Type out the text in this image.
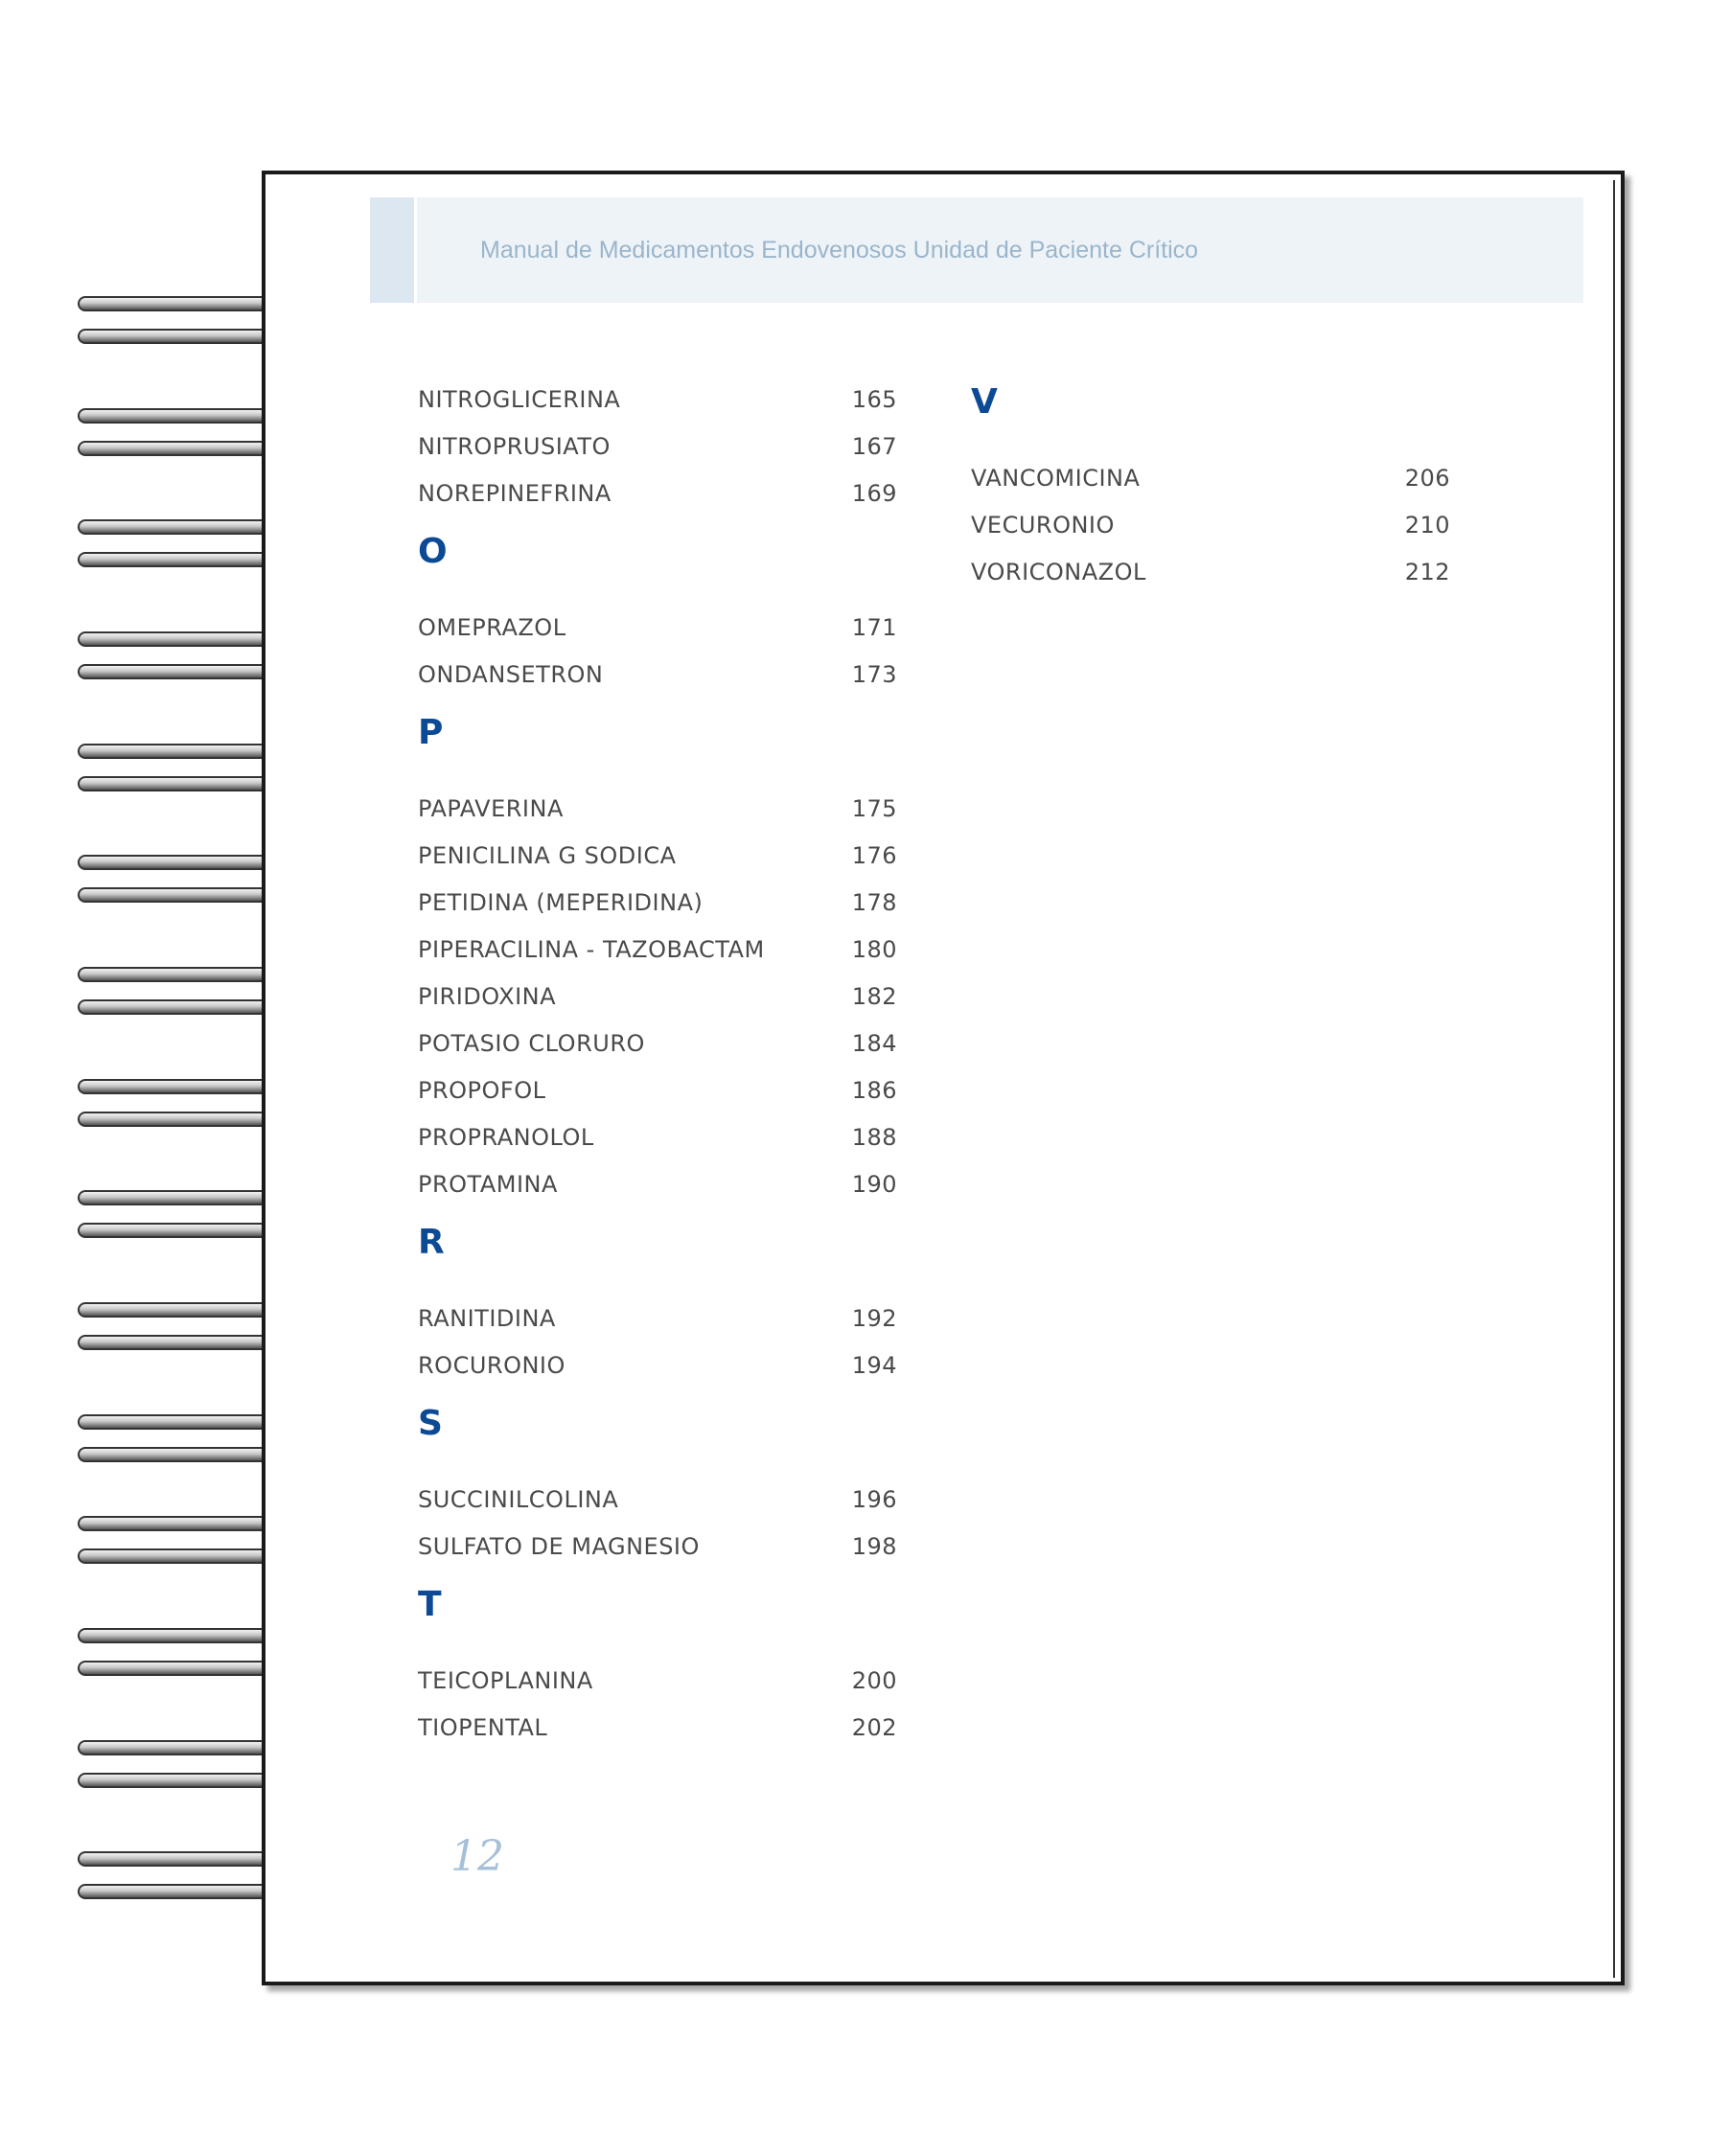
Manual de Medicamentos Endovenosos Unidad de Paciente Crítico
NITROGLICERINA	165
NITROPRUSIATO	167
NOREPINEFRINA	169
O
OMEPRAZOL	171
ONDANSETRON	173
P
PAPAVERINA	175
PENICILINA G SODICA	176
PETIDINA (MEPERIDINA)	178
PIPERACILINA - TAZOBACTAM	180
PIRIDOXINA	182
POTASIO CLORURO	184
PROPOFOL	186
PROPRANOLOL	188
PROTAMINA	190
R
RANITIDINA	192
ROCURONIO	194
S
SUCCINILCOLINA	196
SULFATO DE MAGNESIO	198
T
TEICOPLANINA	200
TIOPENTAL	202
V
VANCOMICINA	206
VECURONIO	210
VORICONAZOL	212
12
